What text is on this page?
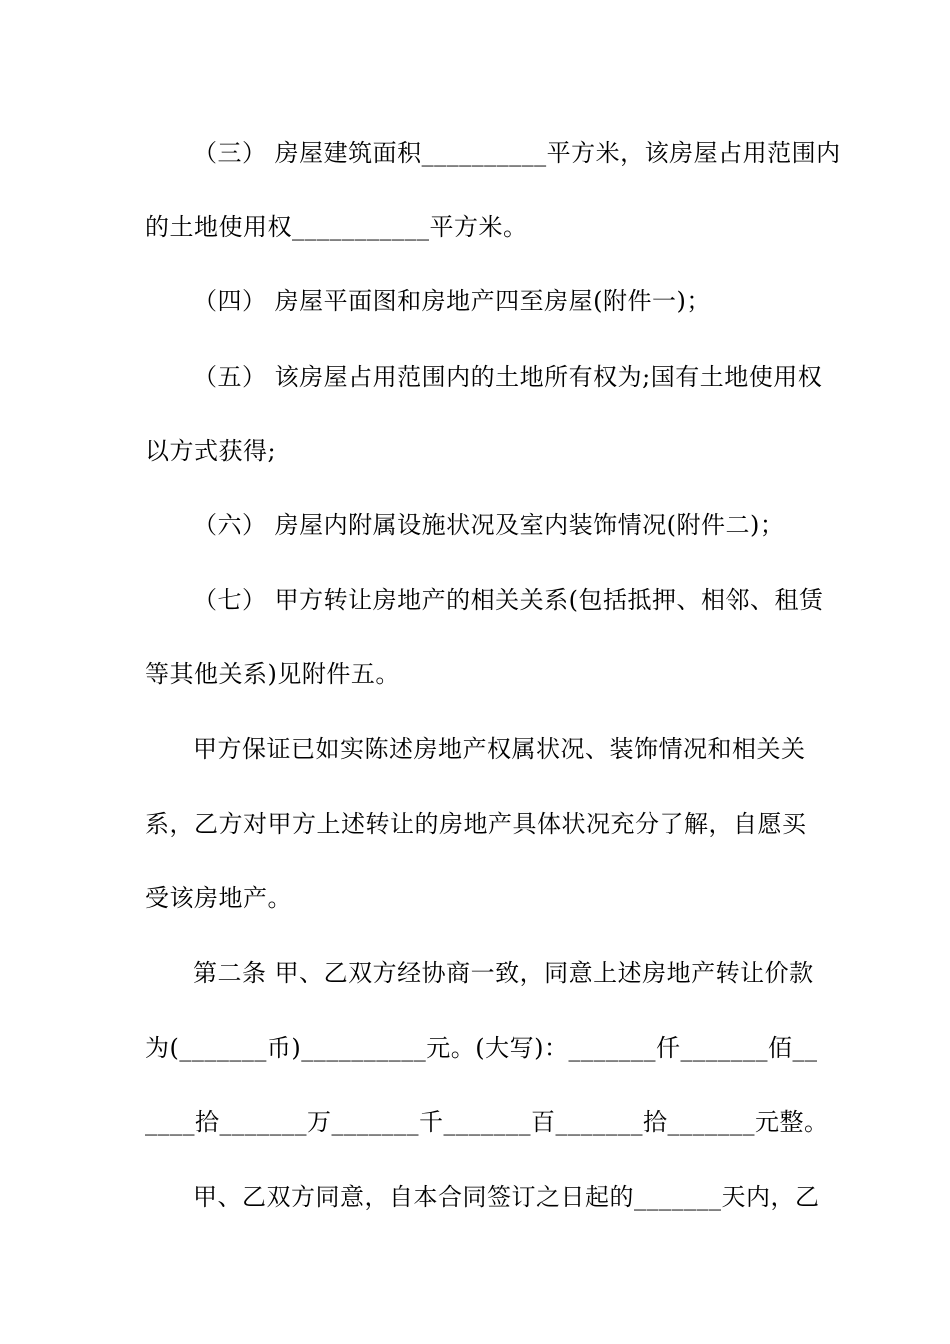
（三） 房屋建筑面积__________平方米，该房屋占用范围内
的土地使用权___________平方米。
（四） 房屋平面图和房地产四至房屋(附件一)；
（五） 该房屋占用范围内的土地所有权为;国有土地使用权
以方式获得;
（六） 房屋内附属设施状况及室内装饰情况(附件二)；
（七） 甲方转让房地产的相关关系(包括抵押、相邻、租赁
等其他关系)见附件五。
甲方保证已如实陈述房地产权属状况、装饰情况和相关关
系，乙方对甲方上述转让的房地产具体状况充分了解，自愿买
受该房地产。
第二条 甲、乙双方经协商一致，同意上述房地产转让价款
为(_______币)__________元。(大写)：_______仟_______佰__
____拾_______万_______千_______百_______拾_______元整。
甲、乙双方同意，自本合同签订之日起的_______天内，乙
